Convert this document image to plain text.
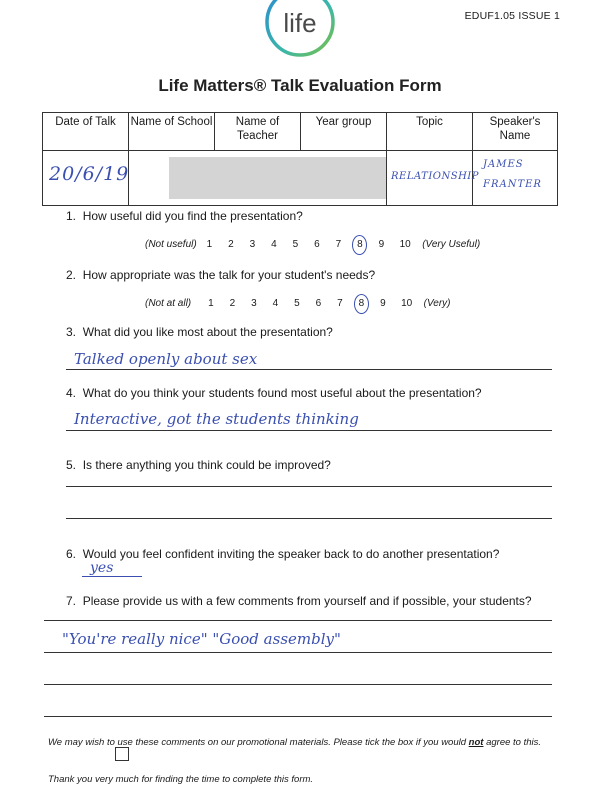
life	EDUF1.05 ISSUE 1
Life Matters® Talk Evaluation Form
Date of Talk	Name of School	Name of Teacher	Year group	Topic	Speaker's Name

20/6/19				RELATIONSHIP	JAMES
FRANTER
1. How useful did you find the presentation?
(Not useful) 1	2	3	4	5	6	7	8	9	10	(Very Useful)
2. How appropriate was the talk for your student's needs?
(Not at all)	1	2	3	4	5	6	7	8	9	10	(Very)
3. What did you like most about the presentation?
Talked openly about sex
4. What do you think your students found most useful about the presentation?
Interactive, got the students thinking
5. Is there anything you think could be improved?
6. Would you feel confident inviting the speaker back to do another presentation?
yes
7. Please provide us with a few comments from yourself and if possible, your students?
"You're really nice" "Good assembly"
We may wish to use these comments on our promotional materials. Please tick the box if you would not agree to this.
Thank you very much for finding the time to complete this form.
